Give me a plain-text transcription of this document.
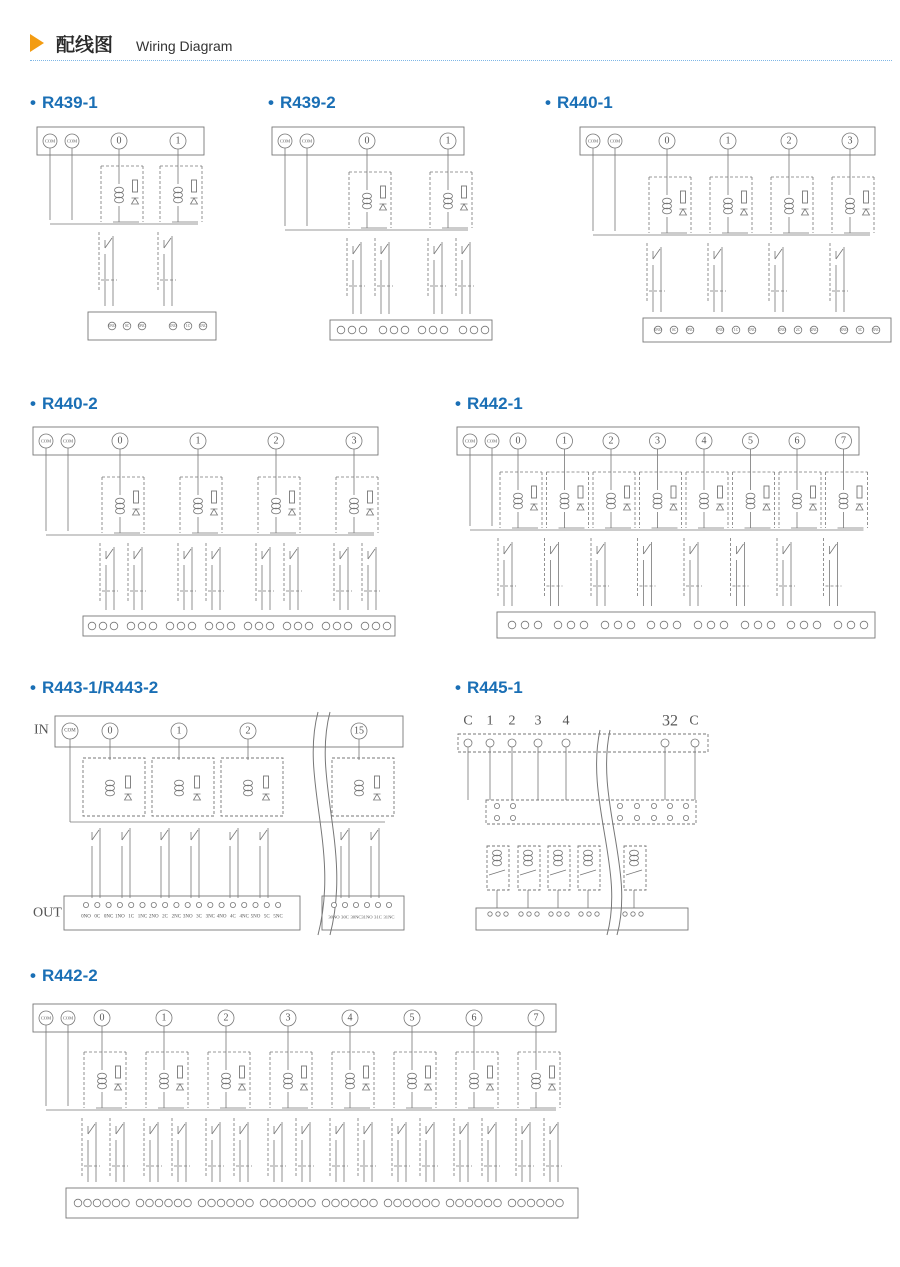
配线图 Wiring Diagram
• R439-1	• R439-2	• R440-1
• R440-2	• R442-1
• R443-1/R443-2	• R445-1
• R442-2
COM	COM	0	1
0NO	0C	0NC	1NO	1C	1NC
COM	COM	0	1	COM	COM	0	1	2	3
0NO	0C	0NC	1NO	1C	1NC	2NO	2C	2NC	3NO	3C	3NC
COM	COM	0	1	2	3	COM	COM 0	1	2	3	4	5	6	7
COM	COM	0	1	2	3	4	5	6	7
IN
OUT
COM	0	1	2	15
0NO 0C 0NC 1NO 1C 1NC 2NO 2C 2NC 3NO 3C 3NC 4NO 4C 4NC 5NO 5C 5NC	30NO 30C 30NC 31NO 31C 31NC
C 1 2 3 4	32 C
